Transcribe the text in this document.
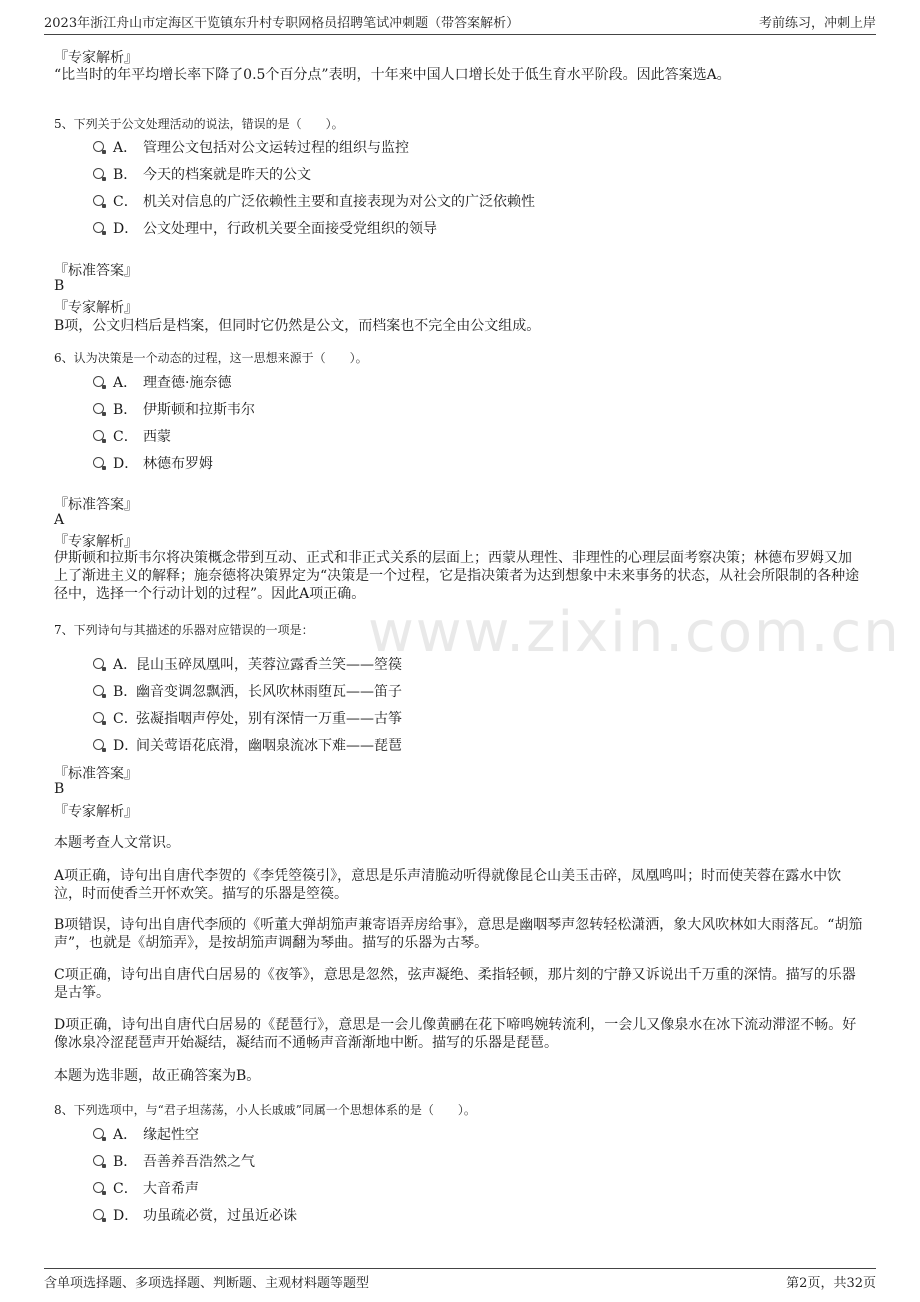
2023年浙江舟山市定海区干览镇东升村专职网格员招聘笔试冲刺题（带答案解析）	考前练习，冲刺上岸
www.zixin.com.cn
『专家解析』
“比当时的年平均增长率下降了0.5个百分点”表明，十年来中国人口增长处于低生育水平阶段。因此答案选A。
5、下列关于公文处理活动的说法，错误的是（　　）。
A． 管理公文包括对公文运转过程的组织与监控
B． 今天的档案就是昨天的公文
C． 机关对信息的广泛依赖性主要和直接表现为对公文的广泛依赖性
D． 公文处理中，行政机关要全面接受党组织的领导
『标准答案』
B
『专家解析』
B项，公文归档后是档案，但同时它仍然是公文，而档案也不完全由公文组成。
6、认为决策是一个动态的过程，这一思想来源于（　　）。
A． 理查德·施奈德
B． 伊斯顿和拉斯韦尔
C． 西蒙
D． 林德布罗姆
『标准答案』
A
『专家解析』
伊斯顿和拉斯韦尔将决策概念带到互动、正式和非正式关系的层面上；西蒙从理性、非理性的心理层面考察决策；林德布罗姆又加上了渐进主义的解释；施奈德将决策界定为“决策是一个过程，它是指决策者为达到想象中未来事务的状态，从社会所限制的各种途径中，选择一个行动计划的过程”。因此A项正确。
7、下列诗句与其描述的乐器对应错误的一项是：
A．
昆山玉碎凤凰叫，芙蓉泣露香兰笑——箜篌
B．
幽音变调忽飘洒，长风吹林雨堕瓦——笛子
C．
弦凝指咽声停处，别有深情一万重——古筝
D．
间关莺语花底滑，幽咽泉流冰下难——琵琶
『标准答案』
B
『专家解析』
本题考查人文常识。
A项正确，诗句出自唐代李贺的《李凭箜篌引》，意思是乐声清脆动听得就像昆仑山美玉击碎，凤凰鸣叫；时而使芙蓉在露水中饮泣，时而使香兰开怀欢笑。描写的乐器是箜篌。
B项错误，诗句出自唐代李颀的《听董大弹胡笳声兼寄语弄房给事》，意思是幽咽琴声忽转轻松潇洒，象大风吹林如大雨落瓦。“胡笳声”，也就是《胡笳弄》，是按胡笳声调翻为琴曲。描写的乐器为古琴。
C项正确，诗句出自唐代白居易的《夜筝》，意思是忽然，弦声凝绝、柔指轻顿，那片刻的宁静又诉说出千万重的深情。描写的乐器是古筝。
D项正确，诗句出自唐代白居易的《琵琶行》，意思是一会儿像黄鹂在花下啼鸣婉转流利，一会儿又像泉水在冰下流动滞涩不畅。好像冰泉冷涩琵琶声开始凝结，凝结而不通畅声音渐渐地中断。描写的乐器是琵琶。
本题为选非题，故正确答案为B。
8、下列选项中，与“君子坦荡荡，小人长戚戚”同属一个思想体系的是（　　）。
A． 缘起性空
B． 吾善养吾浩然之气
C． 大音希声
D． 功虽疏必赏，过虽近必诛
含单项选择题、多项选择题、判断题、主观材料题等题型	第2页，共32页
